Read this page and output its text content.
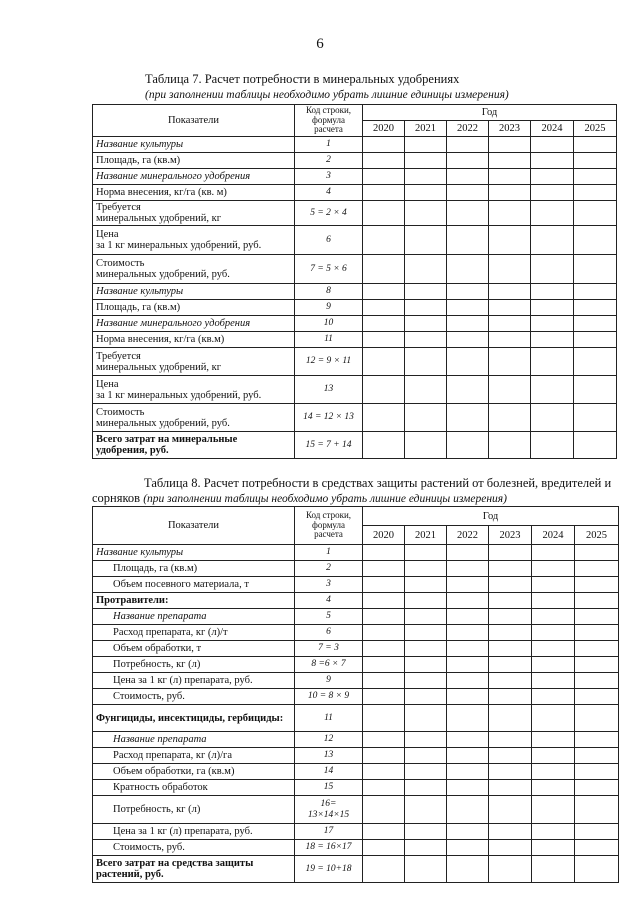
6
Таблица 7. Расчет потребности в минеральных удобрениях
(при заполнении таблицы необходимо убрать лишние единицы измерения)
Показатели	Код строки, формула расчета	Год					
		2020	2021	2022	2023	2024	2025
Название культуры	1						
Площадь, га (кв.м)	2						
Название минерального удобрения	3						
Норма внесения, кг/га (кв. м)	4						
Требуется
минеральных удобрений, кг	5 = 2 × 4						
Цена
за 1 кг минеральных удобрений, руб.	6						
Стоимость
минеральных удобрений, руб.	7 = 5 × 6						
Название культуры	8						
Площадь, га (кв.м)	9						
Название минерального удобрения	10						
Норма внесения, кг/га (кв.м)	11						
Требуется
минеральных удобрений, кг	12 = 9 × 11						
Цена
за 1 кг минеральных удобрений, руб.	13						
Стоимость
минеральных удобрений, руб.	14 = 12 × 13						
Всего затрат на минеральные удобрения, руб.	15 = 7 + 14						
Таблица 8. Расчет потребности в средствах защиты растений от болезней, вредителей и сорняков (при заполнении таблицы необходимо убрать лишние единицы измерения)
Показатели	Код строки, формула расчета	Год					
		2020	2021	2022	2023	2024	2025
Название культуры	1						
Площадь, га (кв.м)	2						
Объем посевного материала, т	3						
Протравители:	4						
Название препарата	5						
Расход препарата, кг (л)/т	6						
Объем обработки, т	7 = 3						
Потребность, кг (л)	8 =6 × 7						
Цена за 1 кг (л) препарата, руб.	9						
Стоимость, руб.	10 = 8 × 9						
Фунгициды, инсектициды, гербициды:	11						
Название препарата	12						
Расход препарата, кг (л)/га	13						
Объем обработки, га (кв.м)	14						
Кратность обработок	15						
Потребность, кг (л)	16=
13×14×15						
Цена за 1 кг (л) препарата, руб.	17						
Стоимость, руб.	18 = 16×17						
Всего затрат на средства защиты растений, руб.	19 = 10+18						
